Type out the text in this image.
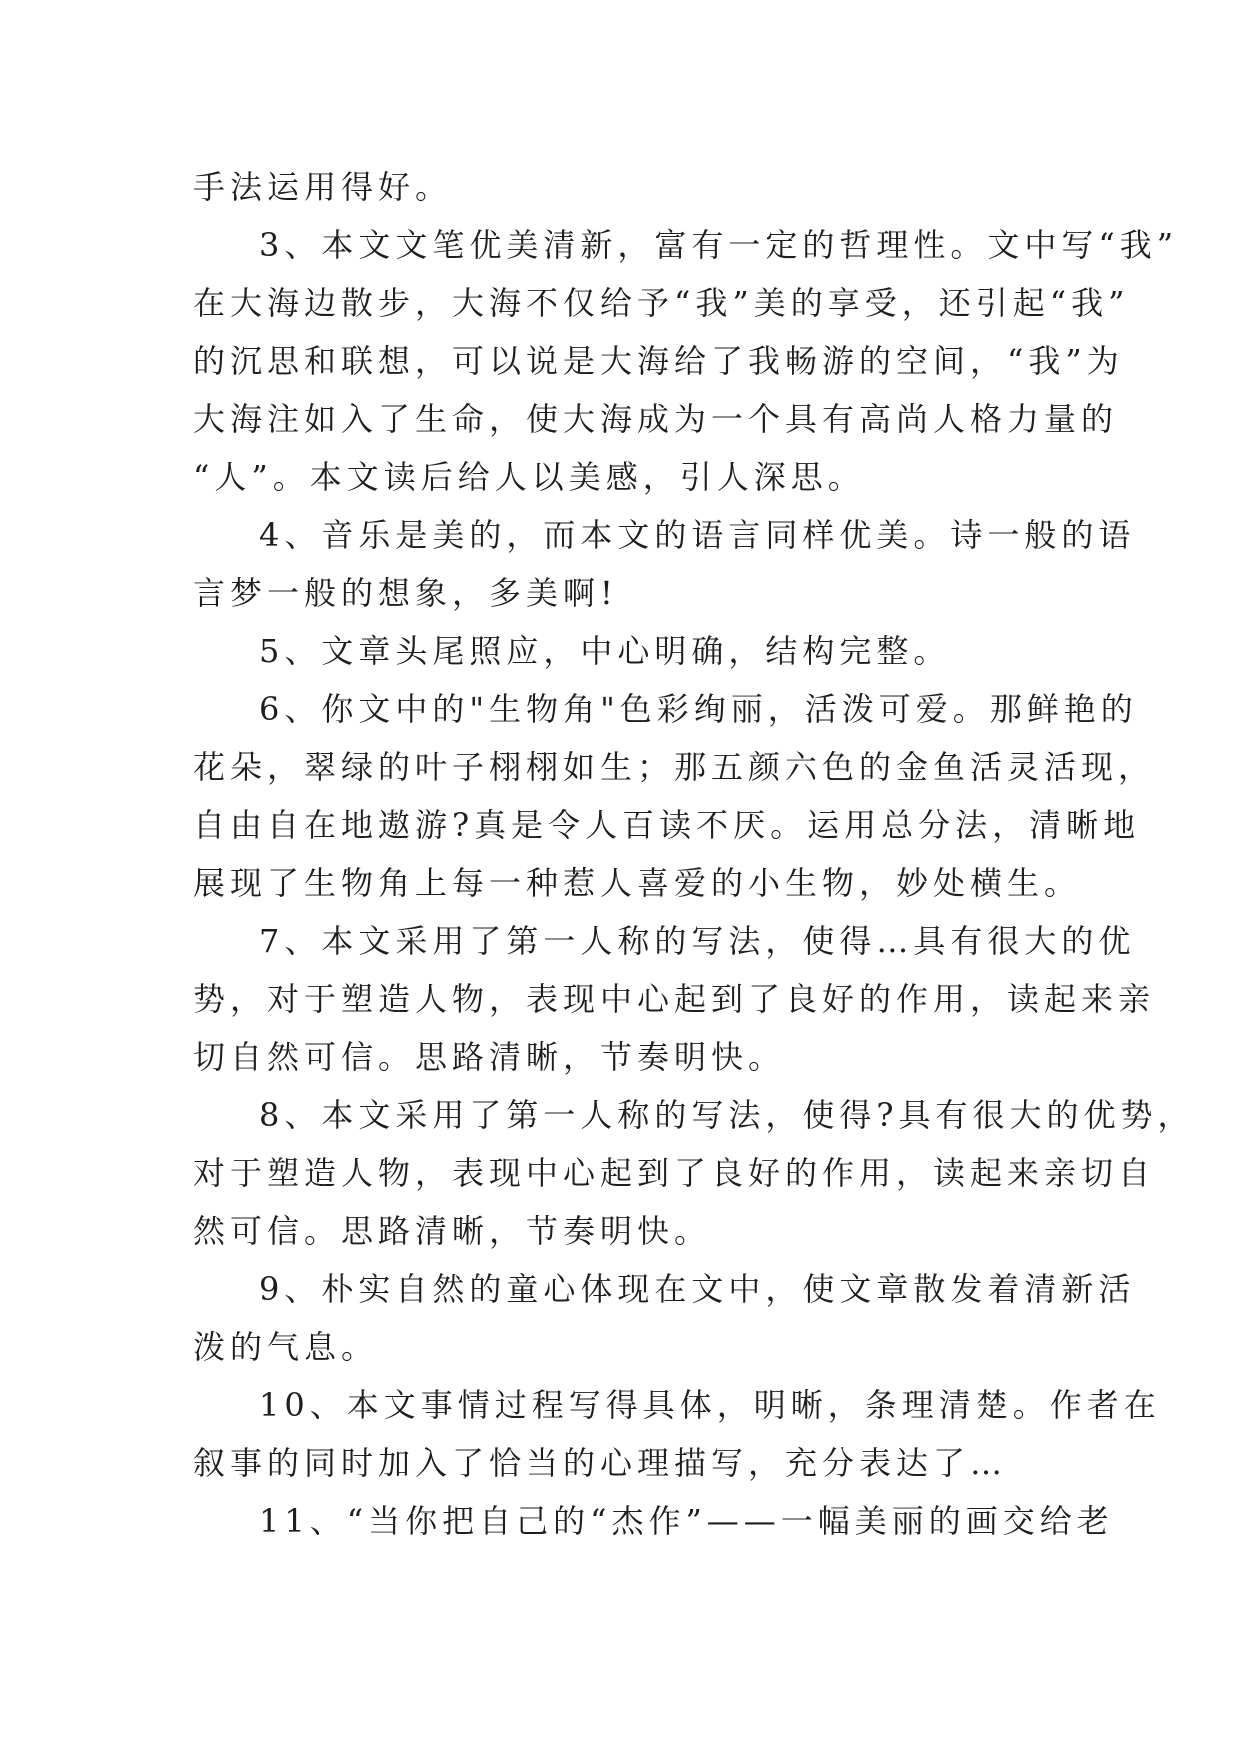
手法运用得好。
3、本文文笔优美清新，富有一定的哲理性。文中写“我”
在大海边散步，大海不仅给予“我”美的享受，还引起“我”
的沉思和联想，可以说是大海给了我畅游的空间，“我”为
大海注如入了生命，使大海成为一个具有高尚人格力量的
“人”。本文读后给人以美感，引人深思。
4、音乐是美的，而本文的语言同样优美。诗一般的语
言梦一般的想象，多美啊!
5、文章头尾照应，中心明确，结构完整。
6、你文中的"生物角"色彩绚丽，活泼可爱。那鲜艳的
花朵，翠绿的叶子栩栩如生；那五颜六色的金鱼活灵活现，
自由自在地遨游?真是令人百读不厌。运用总分法，清晰地
展现了生物角上每一种惹人喜爱的小生物，妙处横生。
7、本文采用了第一人称的写法，使得…具有很大的优
势，对于塑造人物，表现中心起到了良好的作用，读起来亲
切自然可信。思路清晰，节奏明快。
8、本文采用了第一人称的写法，使得?具有很大的优势，
对于塑造人物，表现中心起到了良好的作用，读起来亲切自
然可信。思路清晰，节奏明快。
9、朴实自然的童心体现在文中，使文章散发着清新活
泼的气息。
10、本文事情过程写得具体，明晰，条理清楚。作者在
叙事的同时加入了恰当的心理描写，充分表达了…
11、“当你把自己的“杰作”——一幅美丽的画交给老
